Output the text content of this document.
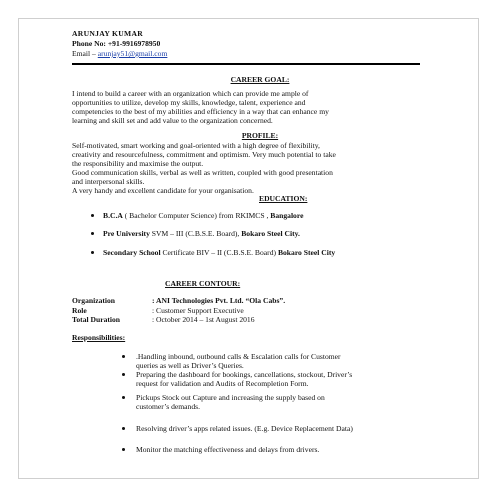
ARUNJAY KUMAR
Phone No: +91-9916978950
Email – arunjay51@gmail.com
CAREER GOAL:
I intend to build a career with an organization which can provide me ample of
opportunities to utilize, develop my skills, knowledge, talent, experience and
competencies to the best of my abilities and efficiency in a way that can enhance my
learning and skill set and add value to the organization concerned.
PROFILE:
Self-motivated, smart working and goal-oriented with a high degree of flexibility,
creativity and resourcefulness, commitment and optimism. Very much potential to take
the responsibility and maximise the output.
Good communication skills, verbal as well as written, coupled with good presentation
and interpersonal skills.
A very handy and excellent candidate for your organisation.
EDUCATION:
B.C.A ( Bachelor Computer Science) from RKIMCS , Bangalore
Pre University SVM – III (C.B.S.E. Board), Bokaro Steel City.
Secondary School Certificate BIV – II (C.B.S.E. Board) Bokaro Steel City
CAREER CONTOUR:
Organization	: ANI Technologies Pvt. Ltd. “Ola Cabs”.
Role	: Customer Support Executive
Total Duration	: October 2014 – 1st August 2016
Responsibilities:
.Handling inbound, outbound calls & Escalation calls for Customer
queries as well as Driver’s Queries.
Preparing the dashboard for bookings, cancellations, stockout, Driver’s
request for validation and Audits of Recompletion Form.
Pickups Stock out Capture and increasing the supply based on
customer’s demands.
Resolving driver’s apps related issues. (E.g. Device Replacement Data)
Monitor the matching effectiveness and delays from drivers.
